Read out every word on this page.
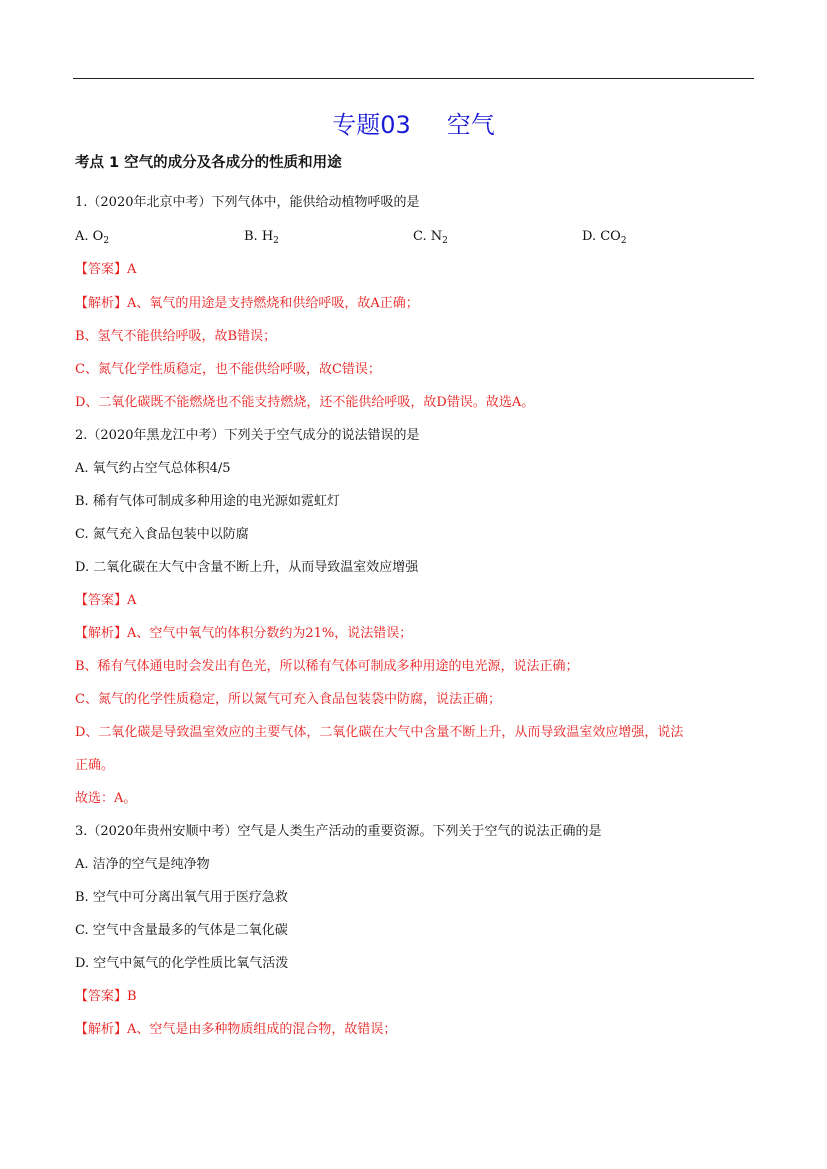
专题03 空气
考点 1 空气的成分及各成分的性质和用途
1.（2020年北京中考）下列气体中，能供给动植物呼吸的是
A. $O_2$	B. $H_2$	C. $N_2$	D. $CO_2$
【答案】A
【解析】A、氧气的用途是支持燃烧和供给呼吸，故A正确；
B、氢气不能供给呼吸，故B错误；
C、氮气化学性质稳定，也不能供给呼吸，故C错误；
D、二氧化碳既不能燃烧也不能支持燃烧，还不能供给呼吸，故D错误。故选A。
2.（2020年黑龙江中考）下列关于空气成分的说法错误的是
A. 氧气约占空气总体积4/5
B. 稀有气体可制成多种用途的电光源如霓虹灯
C. 氮气充入食品包装中以防腐
D. 二氧化碳在大气中含量不断上升，从而导致温室效应增强
【答案】A
【解析】A、空气中氧气的体积分数约为21%，说法错误；
B、稀有气体通电时会发出有色光，所以稀有气体可制成多种用途的电光源，说法正确；
C、氮气的化学性质稳定，所以氮气可充入食品包装袋中防腐，说法正确；
D、二氧化碳是导致温室效应的主要气体，二氧化碳在大气中含量不断上升，从而导致温室效应增强，说法
正确。
故选：A。
3.（2020年贵州安顺中考）空气是人类生产活动的重要资源。下列关于空气的说法正确的是
A. 洁净的空气是纯净物
B. 空气中可分离出氧气用于医疗急救
C. 空气中含量最多的气体是二氧化碳
D. 空气中氮气的化学性质比氧气活泼
【答案】B
【解析】A、空气是由多种物质组成的混合物，故错误；
